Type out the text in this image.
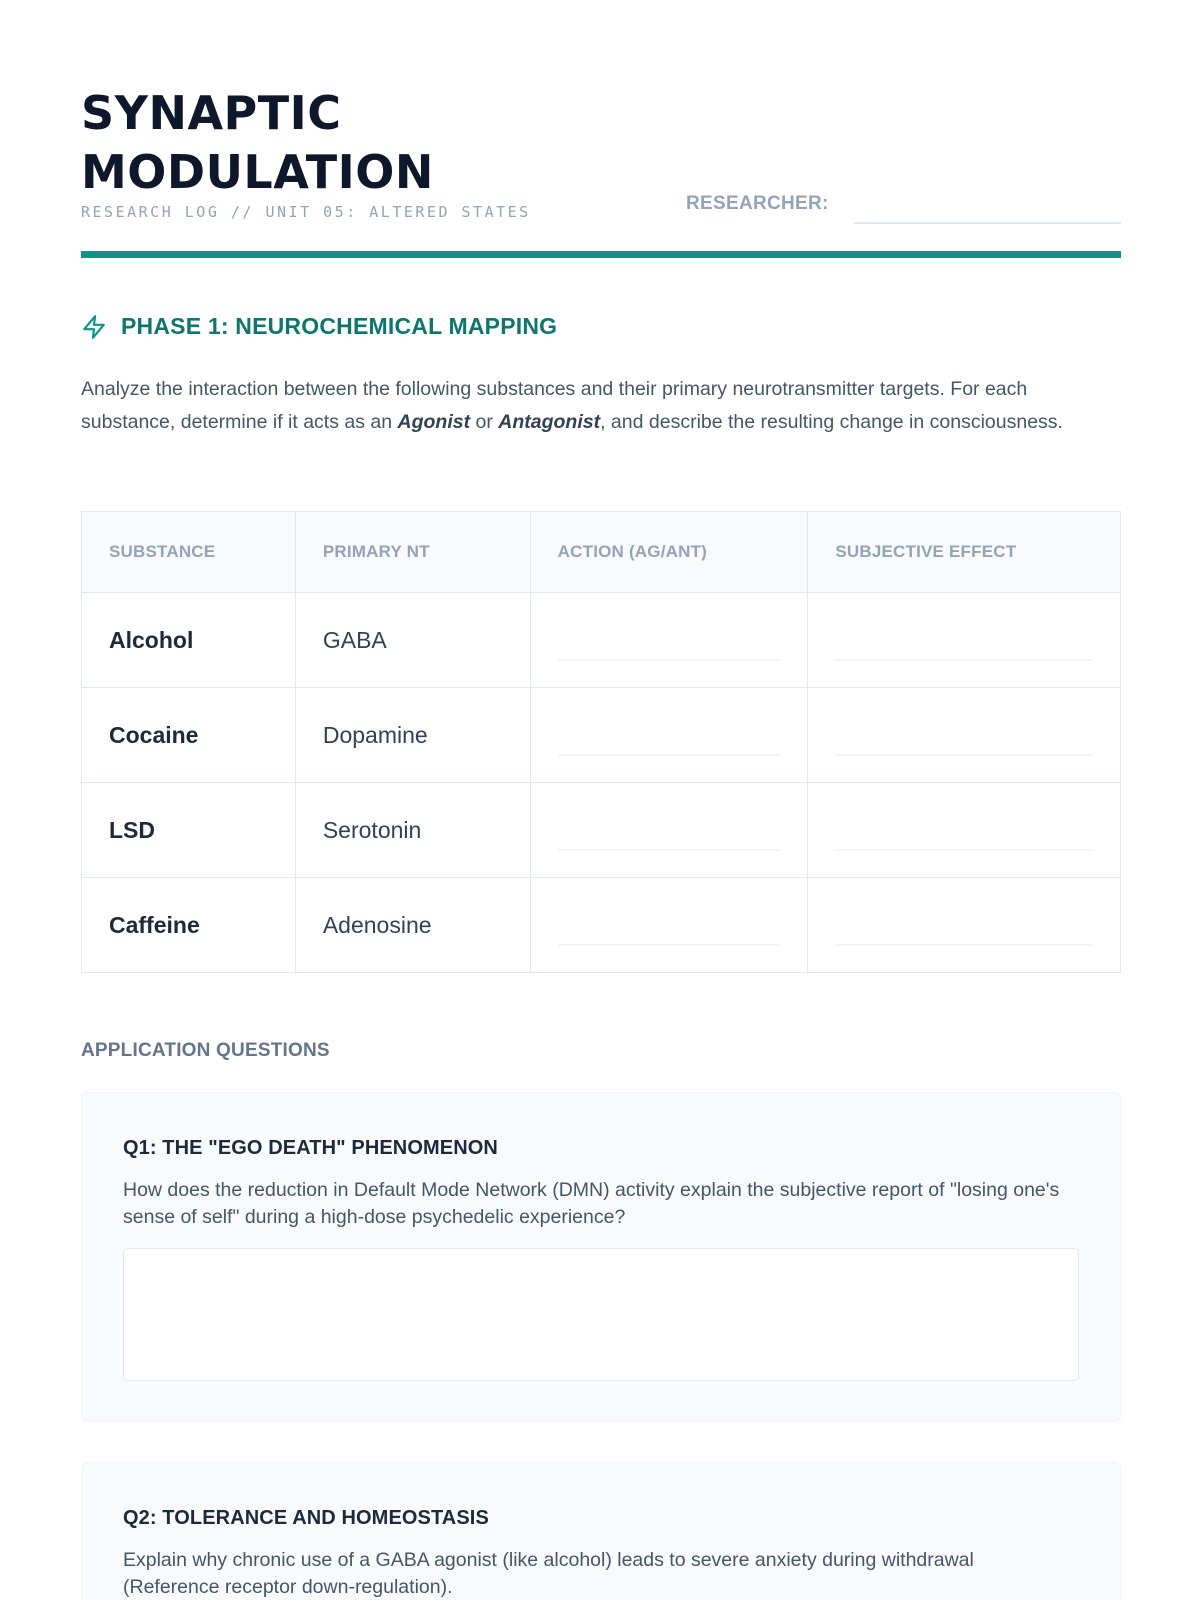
SYNAPTIC
MODULATION
RESEARCH LOG // UNIT 05: ALTERED STATES	RESEARCHER:
PHASE 1: NEUROCHEMICAL MAPPING

Analyze the interaction between the following substances and their primary neurotransmitter targets. For each substance, determine if it acts as an Agonist or Antagonist, and describe the resulting change in consciousness.

SUBSTANCE	PRIMARY NT	ACTION (AG/ANT)	SUBJECTIVE EFFECT
Alcohol	GABA	

Cocaine	Dopamine	

LSD	Serotonin	

Caffeine	Adenosine	

APPLICATION QUESTIONS
Q1: THE "EGO DEATH" PHENOMENON
How does the reduction in Default Mode Network (DMN) activity explain the subjective report of "losing one's sense of self" during a high-dose psychedelic experience?
Q2: TOLERANCE AND HOMEOSTASIS
Explain why chronic use of a GABA agonist (like alcohol) leads to severe anxiety during withdrawal (Reference receptor down-regulation).
